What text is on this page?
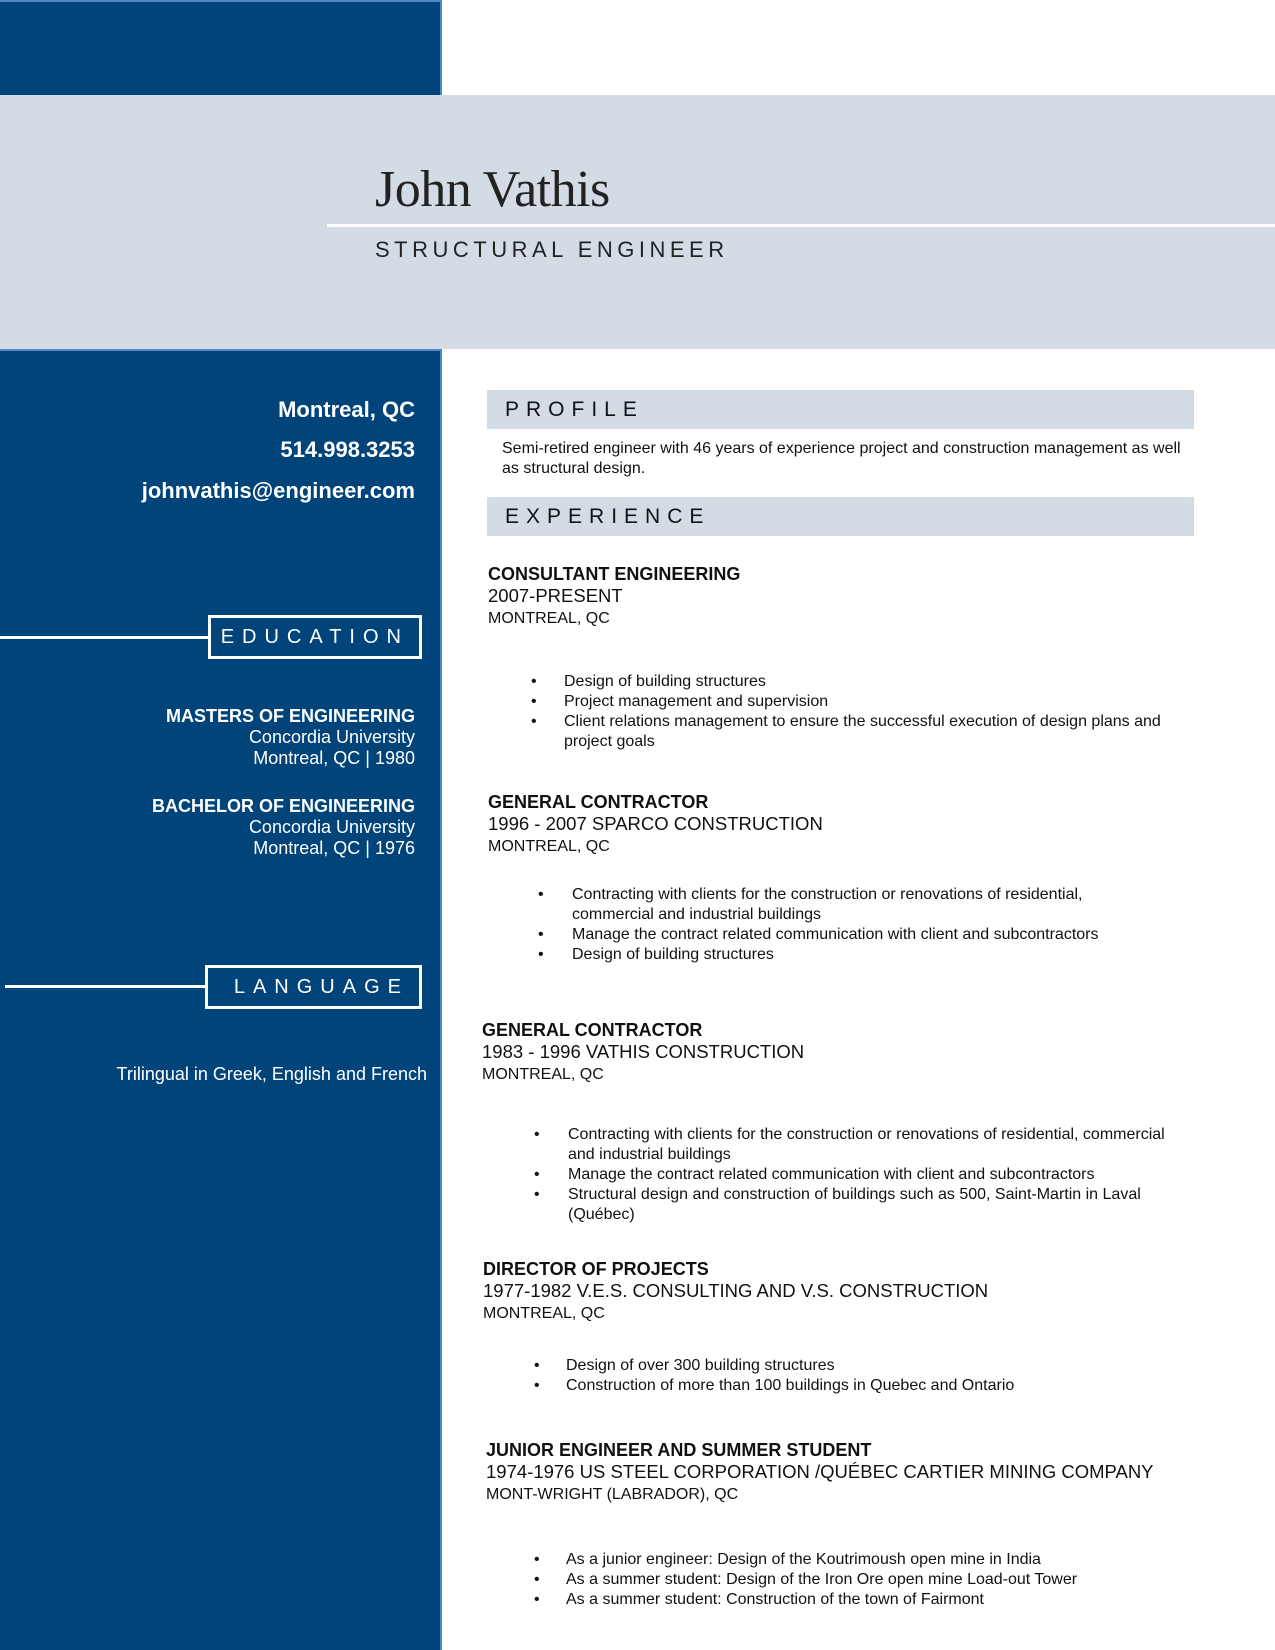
John Vathis
STRUCTURAL ENGINEER
Montreal, QC
514.998.3253
johnvathis@engineer.com
EDUCATION
MASTERS OF ENGINEERING
Concordia University
Montreal, QC | 1980
BACHELOR OF ENGINEERING
Concordia University
Montreal, QC | 1976
LANGUAGE
Trilingual in Greek, English and French
PROFILE
Semi-retired engineer with 46 years of experience project and construction management as well as structural design.
EXPERIENCE
CONSULTANT ENGINEERING
2007-PRESENT
MONTREAL, QC
• Design of building structures
• Project management and supervision
• Client relations management to ensure the successful execution of design plans and project goals
GENERAL CONTRACTOR
1996 - 2007 SPARCO CONSTRUCTION
MONTREAL, QC
• Contracting with clients for the construction or renovations of residential, commercial and industrial buildings
• Manage the contract related communication with client and subcontractors
• Design of building structures
GENERAL CONTRACTOR
1983 - 1996 VATHIS CONSTRUCTION
MONTREAL, QC
• Contracting with clients for the construction or renovations of residential, commercial and industrial buildings
• Manage the contract related communication with client and subcontractors
• Structural design and construction of buildings such as 500, Saint-Martin in Laval (Québec)
DIRECTOR OF PROJECTS
1977-1982 V.E.S. CONSULTING AND V.S. CONSTRUCTION
MONTREAL, QC
• Design of over 300 building structures
• Construction of more than 100 buildings in Quebec and Ontario
JUNIOR ENGINEER AND SUMMER STUDENT
1974-1976 US STEEL CORPORATION /QUÉBEC CARTIER MINING COMPANY
MONT-WRIGHT (LABRADOR), QC
• As a junior engineer: Design of the Koutrimoush open mine in India
• As a summer student: Design of the Iron Ore open mine Load-out Tower
• As a summer student: Construction of the town of Fairmont
